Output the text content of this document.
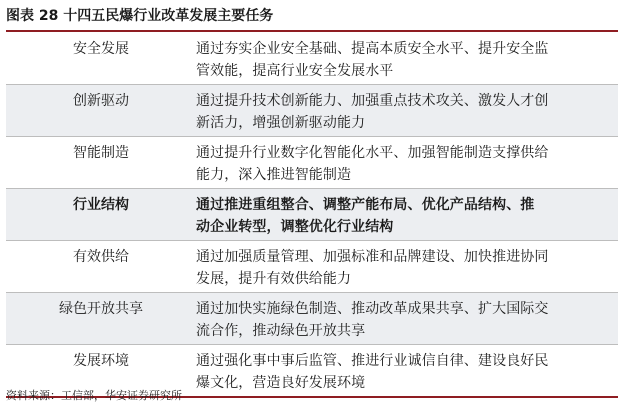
图表 28 十四五民爆行业改革发展主要任务
安全发展	通过夯实企业安全基础、提高本质安全水平、提升安全监
管效能，提高行业安全发展水平
创新驱动	通过提升技术创新能力、加强重点技术攻关、激发人才创
新活力，增强创新驱动能力
智能制造	通过提升行业数字化智能化水平、加强智能制造支撑供给
能力，深入推进智能制造
行业结构	通过推进重组整合、调整产能布局、优化产品结构、推
动企业转型，调整优化行业结构
有效供给	通过加强质量管理、加强标准和品牌建设、加快推进协同
发展，提升有效供给能力
绿色开放共享	通过加快实施绿色制造、推动改革成果共享、扩大国际交
流合作，推动绿色开放共享
发展环境	通过强化事中事后监管、推进行业诚信自律、建设良好民
爆文化，营造良好发展环境
资料来源：工信部，华安证券研究所
